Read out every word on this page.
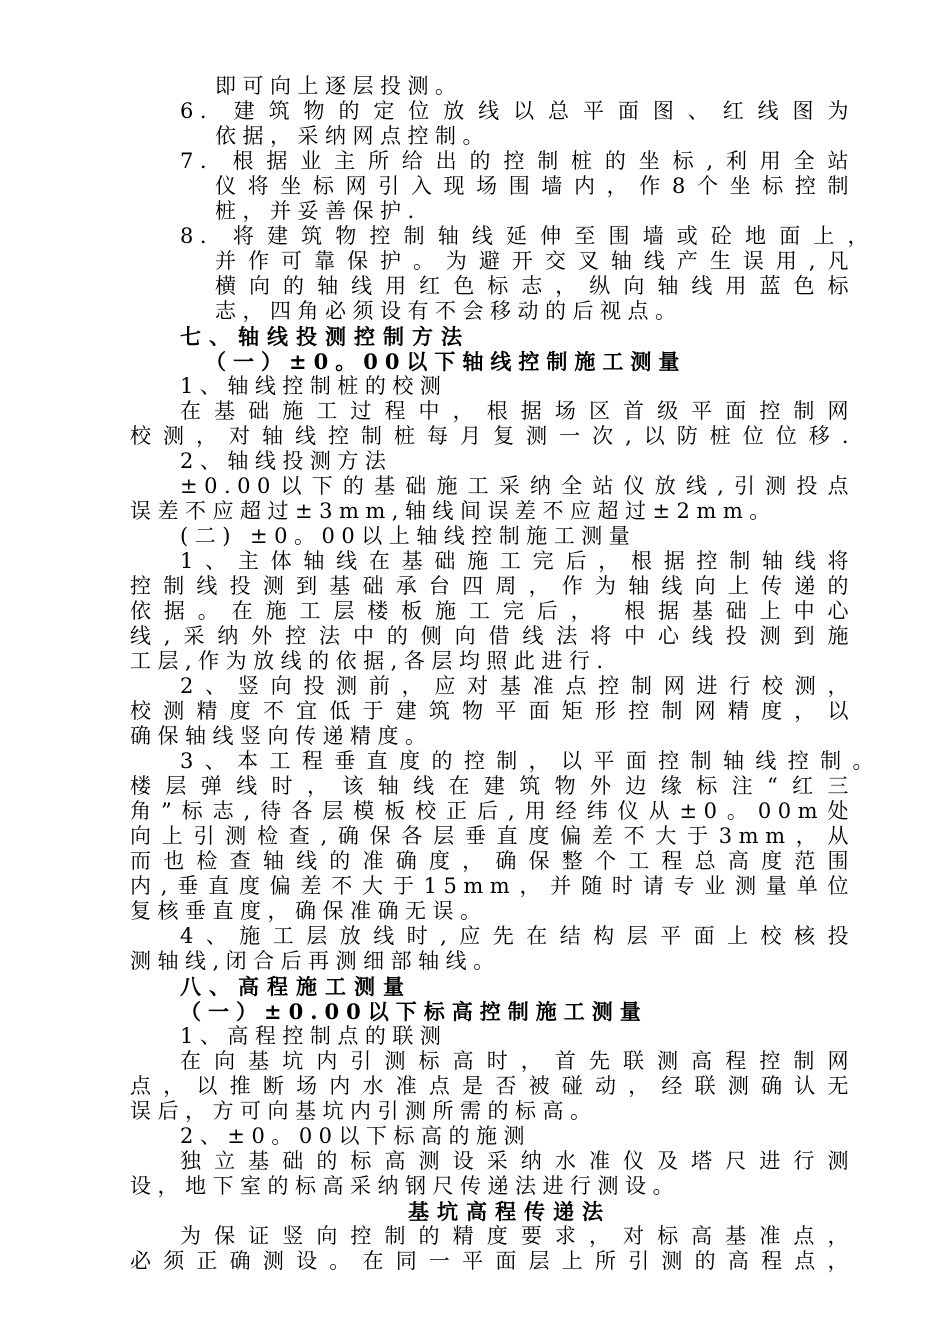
即可向上逐层投测。
6. 建筑物的定位放线以总平面图、红线图为
依据，采纳网点控制。
7. 根据业主所给出的控制桩的坐标,利用全站
仪将坐标网引入现场围墙内，作8个坐标控制
桩，并妥善保护.
8. 将建筑物控制轴线延伸至围墙或砼地面上，
并作可靠保护。为避开交叉轴线产生误用,凡
横向的轴线用红色标志，纵向轴线用蓝色标
志，四角必须设有不会移动的后视点。
七、轴线投测控制方法
（一）±0。00以下轴线控制施工测量
1、轴线控制桩的校测
在基础施工过程中，根据场区首级平面控制网
校测，对轴线控制桩每月复测一次,以防桩位位移.
2、轴线投测方法
±0.00以下的基础施工采纳全站仪放线,引测投点
误差不应超过±3mm,轴线间误差不应超过±2mm。
(二) ±0。00以上轴线控制施工测量
1、主体轴线在基础施工完后，根据控制轴线将
控制线投测到基础承台四周，作为轴线向上传递的
依据。在施工层楼板施工完后， 根据基础上中心
线,采纳外控法中的侧向借线法将中心线投测到施
工层,作为放线的依据,各层均照此进行.
2、竖向投测前，应对基准点控制网进行校测，
校测精度不宜低于建筑物平面矩形控制网精度，以
确保轴线竖向传递精度。
3、本工程垂直度的控制，以平面控制轴线控制。
楼层弹线时，该轴线在建筑物外边缘标注“红三
角”标志,待各层模板校正后,用经纬仪从±0。00m处
向上引测检查,确保各层垂直度偏差不大于3mm，从
而也检查轴线的准确度，确保整个工程总高度范围
内,垂直度偏差不大于15mm，并随时请专业测量单位
复核垂直度，确保准确无误。
4、施工层放线时,应先在结构层平面上校核投
测轴线,闭合后再测细部轴线。
八、高程施工测量
（一）±0.00以下标高控制施工测量
1、高程控制点的联测
在向基坑内引测标高时，首先联测高程控制网
点，以推断场内水准点是否被碰动，经联测确认无
误后，方可向基坑内引测所需的标高。
2、±0。00以下标高的施测
独立基础的标高测设采纳水准仪及塔尺进行测
设，地下室的标高采纳钢尺传递法进行测设。
基坑高程传递法
为保证竖向控制的精度要求，对标高基准点，
必须正确测设。在同一平面层上所引测的高程点，
